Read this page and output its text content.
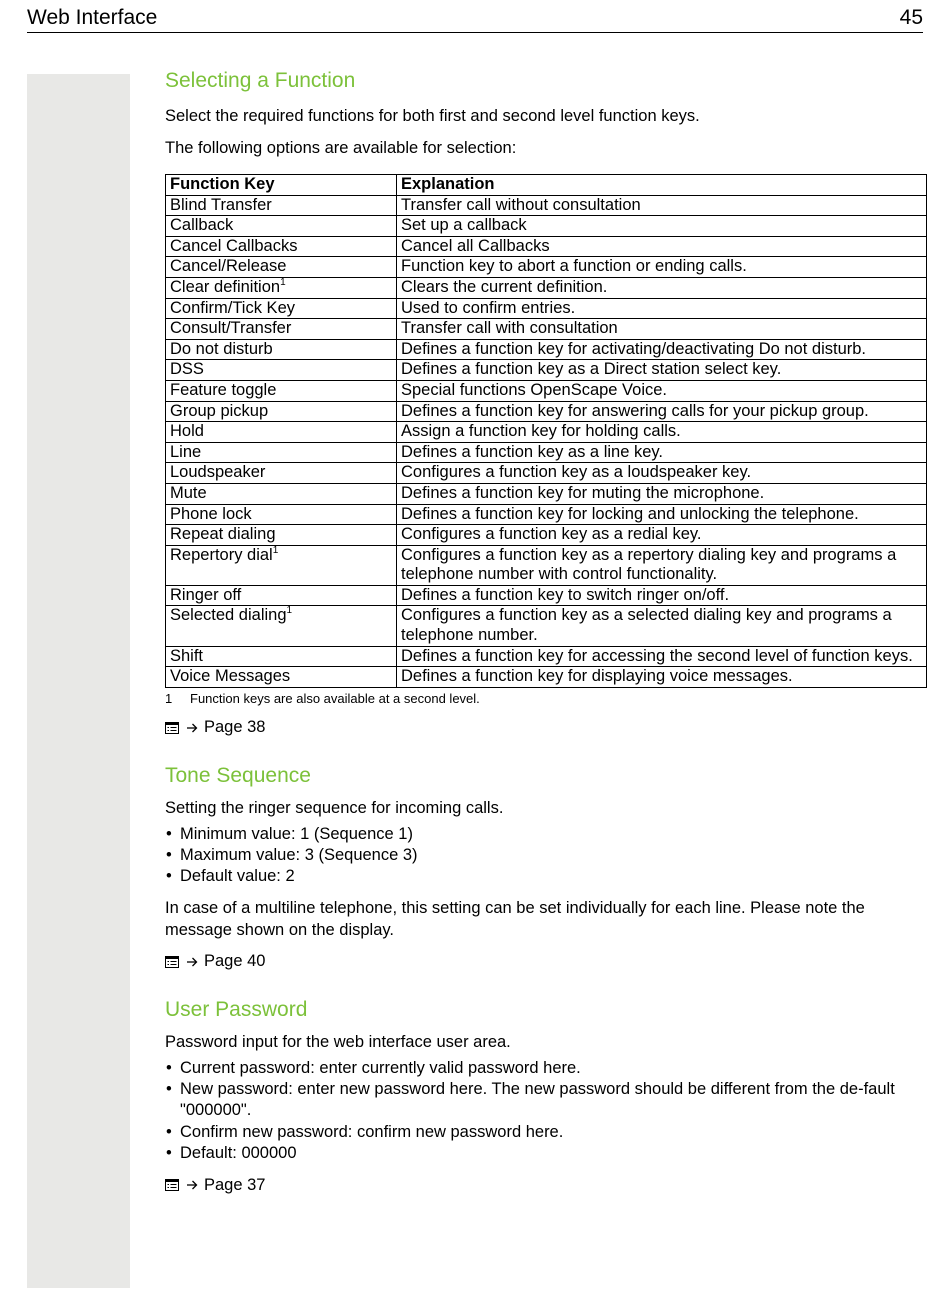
Web Interface	45
Selecting a Function

Select the required functions for both first and second level function keys.

The following options are available for selection:

Function Key	Explanation
Blind Transfer	Transfer call without consultation
Callback	Set up a callback
Cancel Callbacks	Cancel all Callbacks
Cancel/Release	Function key to abort a function or ending calls.
Clear definition$^1$	Clears the current definition.
Confirm/Tick Key	Used to confirm entries.
Consult/Transfer	Transfer call with consultation
Do not disturb	Defines a function key for activating/deactivating Do not disturb.
DSS	Defines a function key as a Direct station select key.
Feature toggle	Special functions OpenScape Voice.
Group pickup	Defines a function key for answering calls for your pickup group.
Hold	Assign a function key for holding calls.
Line	Defines a function key as a line key.
Loudspeaker	Configures a function key as a loudspeaker key.
Mute	Defines a function key for muting the microphone.
Phone lock	Defines a function key for locking and unlocking the telephone.
Repeat dialing	Configures a function key as a redial key.
Repertory dial$^1$	Configures a function key as a repertory dialing key and programs a telephone number with control functionality.
Ringer off	Defines a function key to switch ringer on/off.
Selected dialing$^1$	Configures a function key as a selected dialing key and programs a telephone number.
Shift	Defines a function key for accessing the second level of function keys.
Voice Messages	Defines a function key for displaying voice messages.
1 Function keys are also available at a second level.
Page 38
Tone Sequence

Setting the ringer sequence for incoming calls.

• Minimum value: 1 (Sequence 1)
• Maximum value: 3 (Sequence 3)
• Default value: 2

In case of a multiline telephone, this setting can be set individually for each line. Please note the message shown on the display.

Page 40
User Password

Password input for the web interface user area.

• Current password: enter currently valid password here.
• New password: enter new password here. The new password should be different from the de-fault "000000".
• Confirm new password: confirm new password here.
• Default: 000000
Page 37
